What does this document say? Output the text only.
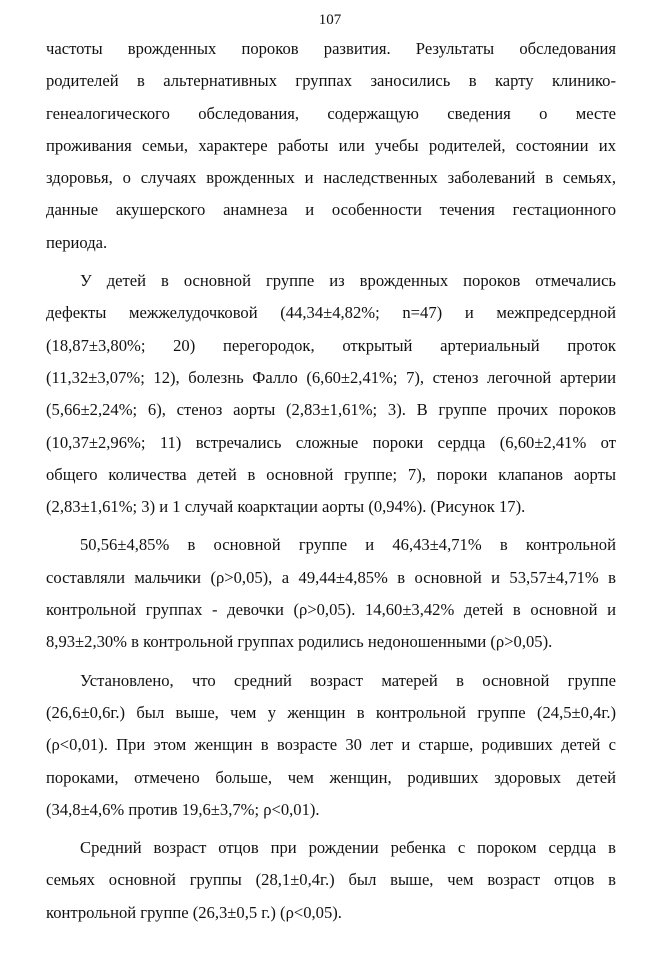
107
частоты врожденных пороков развития. Результаты обследования
родителей в альтернативных группах заносились в карту клинико-
генеалогического обследования, содержащую сведения о месте
проживания семьи, характере работы или учебы родителей, состоянии их
здоровья, о случаях врожденных и наследственных заболеваний в семьях,
данные акушерского анамнеза и особенности течения гестационного
периода.
У детей в основной группе из врожденных пороков отмечались
дефекты межжелудочковой (44,34±4,82%; n=47) и межпредсердной
(18,87±3,80%; 20) перегородок, открытый артериальный проток
(11,32±3,07%; 12), болезнь Фалло (6,60±2,41%; 7), стеноз легочной артерии
(5,66±2,24%; 6), стеноз аорты (2,83±1,61%; 3). В группе прочих пороков
(10,37±2,96%; 11) встречались сложные пороки сердца (6,60±2,41% от
общего количества детей в основной группе; 7), пороки клапанов аорты
(2,83±1,61%; 3) и 1 случай коарктации аорты (0,94%). (Рисунок 17).
50,56±4,85% в основной группе и 46,43±4,71% в контрольной
составляли мальчики (ρ>0,05), а 49,44±4,85% в основной и 53,57±4,71% в
контрольной группах - девочки (ρ>0,05). 14,60±3,42% детей в основной и
8,93±2,30% в контрольной группах родились недоношенными (ρ>0,05).
Установлено, что средний возраст матерей в основной группе
(26,6±0,6г.) был выше, чем у женщин в контрольной группе (24,5±0,4г.)
(ρ<0,01). При этом женщин в возрасте 30 лет и старше, родивших детей с
пороками, отмечено больше, чем женщин, родивших здоровых детей
(34,8±4,6% против 19,6±3,7%; ρ<0,01).
Средний возраст отцов при рождении ребенка с пороком сердца в
семьях основной группы (28,1±0,4г.) был выше, чем возраст отцов в
контрольной группе (26,3±0,5 г.) (ρ<0,05).
